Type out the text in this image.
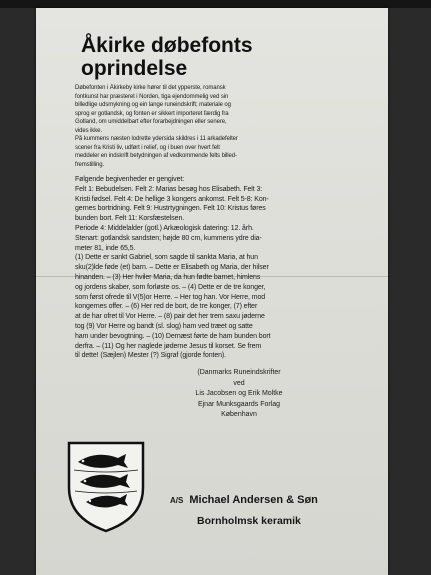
Åkirke døbefonts
oprindelse
Døbefonten i Åkirkeby kirke hører til det ypperste, romansk
fontkunst har præsteret i Norden, tiga ejendommelig ved sin
billedlige udsmykning og ein lange runeindskrift; materiale og
sprog er gotlandsk, og fonten er sikkert importeret færdig fra
Gotland, om umiddelbart efter forarbejdningen eller senere,
vides ikke.
På kummens næsten lodrette ydersida skildres i 11 arkadefelter
scener fra Kristi liv, udført i relief, og i buen over hvert felt
meddeler en indskrift betydningen af vedkommende felts billed-
fremstilling.
Følgende begivenheder er gengivet:
Felt 1: Bebudelsen. Felt 2: Marias besøg hos Elisabeth. Felt 3:
Kristi fødsel. Felt 4: De hellige 3 kongers ankomst. Felt 5-8: Kon-
gernes bortridning. Felt 9: Hustrtygningen. Felt 10: Kristus føres
bunden bort. Felt 11: Korsfæstelsen.
Periode 4: Middelalder (gotl.) Arkæologisk datering: 12. årh.
Stenart: gotlandsk sandsten; højde 80 cm, kummens ydre dia-
meter 81, inde 65,5.
(1) Dette er sankt Gabriel, som sagde til sankta Maria, at hun
sku(2)lde føde (et) barn. – Dette er Elisabeth og Maria, der hilser
hinanden. – (3) Her hviler Maria, da hun fødte barnet, himlens
og jordens skaber, som forløste os. – (4) Dette er de tre konger,
som først ofrede til V(5)or Herre. – Her tog han. Vor Herre, mod
kongernes offer. – (6) Her red de bort, de tre konger, (7) efter
at de har ofret til Vor Herre. – (8) pair det her trem saxu jøderne
tog (9) Vor Herre og bandt (sl. slog) ham ved træet og satte
ham under bevogtning. – (10) Dernæst førte de ham bunden bort
derfra. – (11) Og her naglede jøderne Jesus til korset. Se frem
til dette! (Sæjlen) Mester (?) Sigraf (gjorde fonten).
(Danmarks Runeindskrifter
ved
Lis Jacobsen og Erik Moltke
Ejnar Munksgaards Forlag
København
A/S Michael Andersen & Søn
Bornholmsk keramik
